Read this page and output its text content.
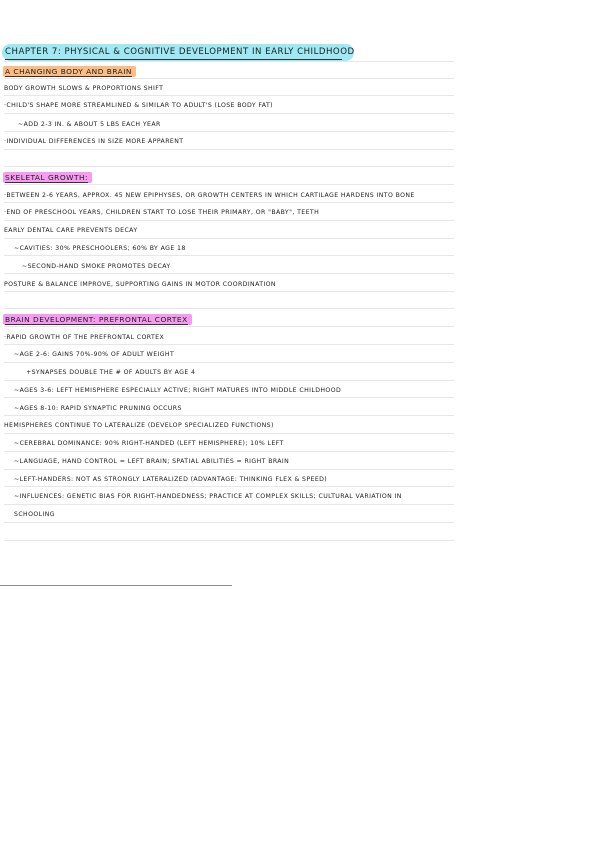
CHAPTER 7: PHYSICAL & COGNITIVE DEVELOPMENT IN EARLY CHILDHOOD
A CHANGING BODY AND BRAIN
BODY GROWTH SLOWS & PROPORTIONS SHIFT
·CHILD'S SHAPE MORE STREAMLINED & SIMILAR TO ADULT'S (LOSE BODY FAT)
~ADD 2-3 IN. & ABOUT 5 LBS EACH YEAR
·INDIVIDUAL DIFFERENCES IN SIZE MORE APPARENT
SKELETAL GROWTH:
·BETWEEN 2-6 YEARS, APPROX. 45 NEW EPIPHYSES, OR GROWTH CENTERS IN WHICH CARTILAGE HARDENS INTO BONE
·END OF PRESCHOOL YEARS, CHILDREN START TO LOSE THEIR PRIMARY, OR "BABY", TEETH
EARLY DENTAL CARE PREVENTS DECAY
~CAVITIES: 30% PRESCHOOLERS; 60% BY AGE 18
~SECOND-HAND SMOKE PROMOTES DECAY
POSTURE & BALANCE IMPROVE, SUPPORTING GAINS IN MOTOR COORDINATION
BRAIN DEVELOPMENT: PREFRONTAL CORTEX
·RAPID GROWTH OF THE PREFRONTAL CORTEX
~AGE 2-6: GAINS 70%-90% OF ADULT WEIGHT
+SYNAPSES DOUBLE THE # OF ADULTS BY AGE 4
~AGES 3-6: LEFT HEMISPHERE ESPECIALLY ACTIVE; RIGHT MATURES INTO MIDDLE CHILDHOOD
~AGES 8-10: RAPID SYNAPTIC PRUNING OCCURS
HEMISPHERES CONTINUE TO LATERALIZE (DEVELOP SPECIALIZED FUNCTIONS)
~CEREBRAL DOMINANCE: 90% RIGHT-HANDED (LEFT HEMISPHERE); 10% LEFT
~LANGUAGE, HAND CONTROL = LEFT BRAIN; SPATIAL ABILITIES = RIGHT BRAIN
~LEFT-HANDERS: NOT AS STRONGLY LATERALIZED (ADVANTAGE: THINKING FLEX & SPEED)
~INFLUENCES: GENETIC BIAS FOR RIGHT-HANDEDNESS; PRACTICE AT COMPLEX SKILLS; CULTURAL VARIATION IN
SCHOOLING
